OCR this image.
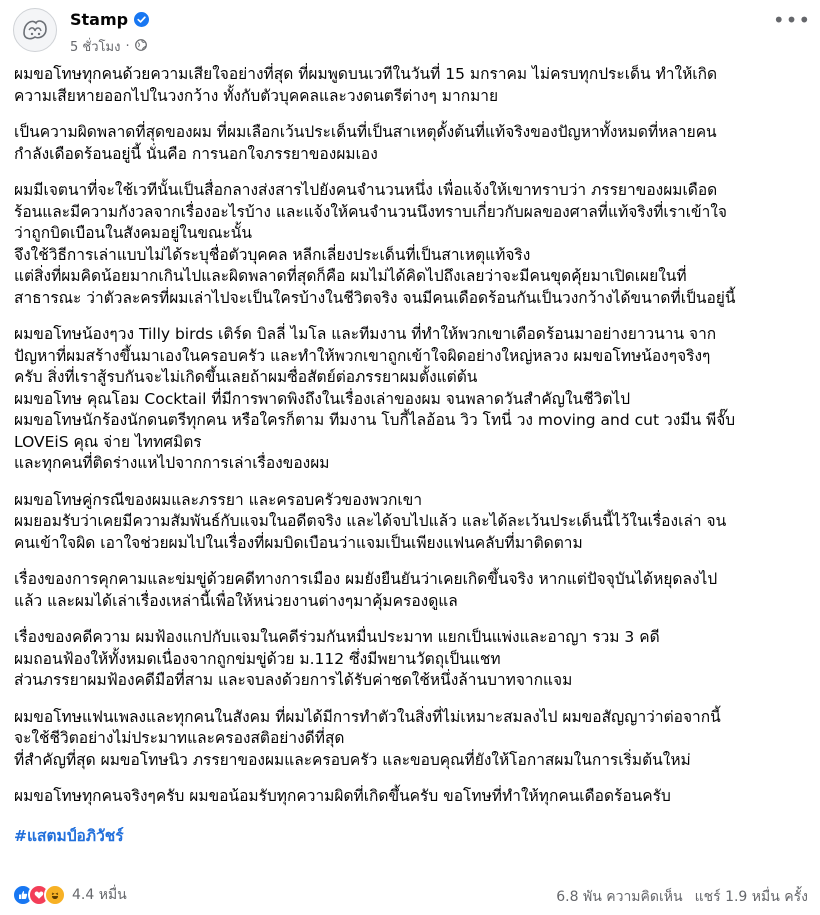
Stamp
5 ชั่วโมง ·
•••
ผมขอโทษทุกคนด้วยความเสียใจอย่างที่สุด ที่ผมพูดบนเวทีในวันที่ 15 มกราคม ไม่ครบทุกประเด็น ทำให้เกิด
ความเสียหายออกไปในวงกว้าง ทั้งกับตัวบุคคลและวงดนตรีต่างๆ มากมาย
เป็นความผิดพลาดที่สุดของผม ที่ผมเลือกเว้นประเด็นที่เป็นสาเหตุดั้งต้นที่แท้จริงของปัญหาทั้งหมดที่หลายคน
กำลังเดือดร้อนอยู่นี้ นั่นคือ การนอกใจภรรยาของผมเอง
ผมมีเจตนาที่จะใช้เวทีนั้นเป็นสื่อกลางส่งสารไปยังคนจำนวนหนึ่ง เพื่อแจ้งให้เขาทราบว่า ภรรยาของผมเดือด
ร้อนและมีความกังวลจากเรื่องอะไรบ้าง และแจ้งให้คนจำนวนนึงทราบเกี่ยวกับผลของศาลที่แท้จริงที่เราเข้าใจ
ว่าถูกบิดเบือนในสังคมอยู่ในขณะนั้น
จึงใช้วิธีการเล่าแบบไม่ได้ระบุชื่อตัวบุคคล หลีกเลี่ยงประเด็นที่เป็นสาเหตุแท้จริง
แต่สิ่งที่ผมคิดน้อยมากเกินไปและผิดพลาดที่สุดก็คือ ผมไม่ได้คิดไปถึงเลยว่าจะมีคนขุดคุ้ยมาเปิดเผยในที่
สาธารณะ ว่าตัวละครที่ผมเล่าไปจะเป็นใครบ้างในชีวิตจริง จนมีคนเดือดร้อนกันเป็นวงกว้างได้ขนาดที่เป็นอยู่นี้
ผมขอโทษน้องๆวง Tilly birds เติร์ด บิลลี่ ไมโล และทีมงาน ที่ทำให้พวกเขาเดือดร้อนมาอย่างยาวนาน จาก
ปัญหาที่ผมสร้างขึ้นมาเองในครอบครัว และทำให้พวกเขาถูกเข้าใจผิดอย่างใหญ่หลวง ผมขอโทษน้องๆจริงๆ
ครับ สิ่งที่เราสู้รบกันจะไม่เกิดขึ้นเลยถ้าผมซื่อสัตย์ต่อภรรยาผมตั้งแต่ต้น
ผมขอโทษ คุณโอม Cocktail ที่มีการพาดพิงถึงในเรื่องเล่าของผม จนพลาดวันสำคัญในชีวิตไป
ผมขอโทษนักร้องนักดนตรีทุกคน หรือใครก็ตาม ทีมงาน โบกี้ไลอ้อน วิว โทนี่ วง moving and cut วงมีน พีจั๊บ
LOVEiS คุณ จ่าย ไททศมิตร
และทุกคนที่ติดร่างแหไปจากการเล่าเรื่องของผม
ผมขอโทษคู่กรณีของผมและภรรยา และครอบครัวของพวกเขา
ผมยอมรับว่าเคยมีความสัมพันธ์กับแจมในอดีตจริง และได้จบไปแล้ว และได้ละเว้นประเด็นนี้ไว้ในเรื่องเล่า จน
คนเข้าใจผิด เอาใจช่วยผมไปในเรื่องที่ผมบิดเบือนว่าแจมเป็นเพียงแฟนคลับที่มาติดตาม
เรื่องของการคุกคามและข่มขู่ด้วยคดีทางการเมือง ผมยังยืนยันว่าเคยเกิดขึ้นจริง หากแต่ปัจจุบันได้หยุดลงไป
แล้ว และผมได้เล่าเรื่องเหล่านี้เพื่อให้หน่วยงานต่างๆมาคุ้มครองดูแล
เรื่องของคดีความ ผมฟ้องแกปกับแจมในคดีร่วมกันหมื่นประมาท แยกเป็นแพ่งและอาญา รวม 3 คดี
ผมถอนฟ้องให้ทั้งหมดเนื่องจากถูกข่มขู่ด้วย ม.112 ซึ่งมีพยานวัตถุเป็นแชท
ส่วนภรรยาผมฟ้องคดีมือที่สาม และจบลงด้วยการได้รับค่าชดใช้หนึ่งล้านบาทจากแจม
ผมขอโทษแฟนเพลงและทุกคนในสังคม ที่ผมได้มีการทำตัวในสิ่งที่ไม่เหมาะสมลงไป ผมขอสัญญาว่าต่อจากนี้
จะใช้ชีวิตอย่างไม่ประมาทและครองสติอย่างดีที่สุด
ที่สำคัญที่สุด ผมขอโทษนิว ภรรยาของผมและครอบครัว และขอบคุณที่ยังให้โอกาสผมในการเริ่มต้นใหม่
ผมขอโทษทุกคนจริงๆครับ ผมขอน้อมรับทุกความผิดที่เกิดขึ้นครับ ขอโทษที่ทำให้ทุกคนเดือดร้อนครับ
#แสตมป์อภิวัชร์
4.4 หมื่น	6.8 พัน ความคิดเห็น แชร์ 1.9 หมื่น ครั้ง
